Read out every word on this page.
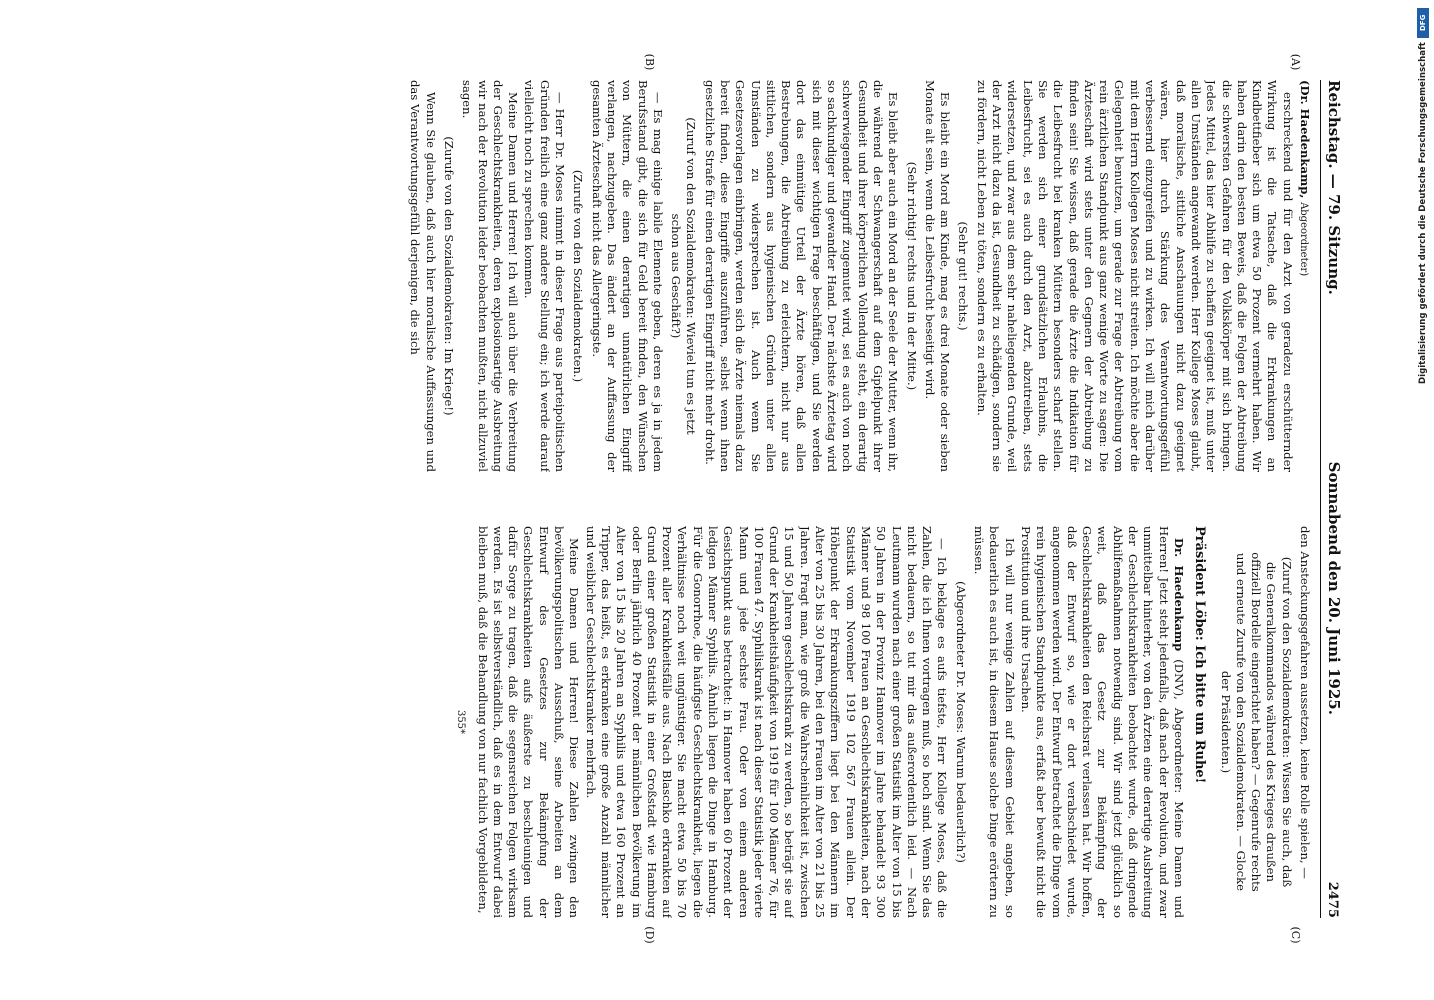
Reichstag. — 79. Sitzung.
Sonnabend den 20. Juni 1925.
2475
(A)
(B)
(C)
(D)

(Dr. Haedenkamp, Abgeordneter)

erschreckend und für den Arzt von geradezu erschütternder Wirkung ist die Tatsache, daß die Erkrankungen an Kindbettfieber sich um etwa 50 Prozent vermehrt haben. Wir haben darin den besten Beweis, daß die Folgen der Abtreibung die schwersten Gefahren für den Volkskörper mit sich bringen. Jedes Mittel, das hier Abhilfe zu schaffen geeignet ist, muß unter allen Umständen angewandt werden. Herr Kollege Moses glaubt, daß moralische, sittliche Anschauungen nicht dazu geeignet wären, hier durch Stärkung des Verantwortungsgefühl verbessernd einzugreifen und zu wirken. Ich will mich darüber mit dem Herrn Kollegen Moses nicht streiten. Ich möchte aber die Gelegenheit benutzen, um gerade zur Frage der Abtreibung vom rein ärztlichen Standpunkt aus ganz wenige Worte zu sagen: Die Ärzteschaft wird stets unter den Gegnern der Abtreibung zu finden sein! Sie wissen, daß gerade die Ärzte die Indikation für die Leibesfrucht bei kranken Müttern besonders scharf stellen. Sie werden sich einer grundsätzlichen Erlaubnis, die Leibesfrucht, sei es auch durch den Arzt, abzutreiben, stets widersetzen, und zwar aus dem sehr naheliegenden Grunde, weil der Arzt nicht dazu da ist, Gesundheit zu schädigen, sondern sie zu fördern, nicht Leben zu töten, sondern es zu erhalten.

(Sehr gut! rechts.)

Es bleibt ein Mord am Kinde, mag es drei Monate oder sieben Monate alt sein, wenn die Leibesfrucht beseitigt wird.

(Sehr richtig! rechts und in der Mitte.)

Es bleibt aber auch ein Mord an der Seele der Mutter, wenn ihr, die während der Schwangerschaft auf dem Gipfelpunkt ihrer Gesundheit und ihrer körperlichen Vollendung steht, ein derartig schwerwiegender Eingriff zugemutet wird, sei es auch von noch so sachkundiger und gewandter Hand. Der nächste Ärztetag wird sich mit dieser wichtigen Frage beschäftigen, und Sie werden dort das einmütige Urteil der Ärzte hören, daß allen Bestrebungen, die Abtreibung zu erleichtern, nicht nur aus sittlichen, sondern aus hygienischen Gründen unter allen Umständen zu widersprechen ist. Auch wenn Sie Gesetzesvorlagen einbringen, werden sich die Ärzte niemals dazu bereit finden, diese Eingriffe auszuführen, selbst wenn ihnen gesetzliche Strafe für einen derartigen Eingriff nicht mehr droht.

(Zuruf von den Sozialdemokraten: Wieviel tun es jetzt schon aus Geschäft?)

— Es mag einige labile Elemente geben, deren es ja in jedem Berufsstand gibt, die sich für Geld bereit finden, den Wünschen von Müttern, die einen derartigen unnatürlichen Eingriff verlangen, nachzugeben. Das ändert an der Auffassung der gesamten Ärzteschaft nicht das Allergeringste.

(Zurufe von den Sozialdemokraten.)

— Herr Dr. Moses nimmt in dieser Frage aus parteipolitischen Gründen freilich eine ganz andere Stellung ein; ich werde darauf vielleicht noch zu sprechen kommen.

Meine Damen und Herren! Ich will auch über die Verbreitung der Geschlechtskrankheiten, deren explosionsartige Ausbreitung wir nach der Revolution leider beobachten mußten, nicht allzuviel sagen.

(Zurufe von den Sozialdemokraten: Im Kriege!)

Wenn Sie glauben, daß auch hier moralische Auffassungen und das Verantwortungsgefühl derjenigen, die sich

den Ansteckungsgefahren aussetzen, keine Rolle spielen, —

(Zuruf von den Sozialdemokraten: Wissen Sie auch, daß die Generalkommandos während des Krieges draußen offiziell Bordelle eingerichtet haben? — Gegenrufe rechts und erneute Zurufe von den Sozialdemokraten. — Glocke der Präsidenten.)

Präsident Löbe: Ich bitte um Ruhe!

Dr. Haedenkamp (DNV), Abgeordneter: Meine Damen und Herren! Jetzt steht jedenfalls, daß nach der Revolution, und zwar unmittelbar hinterher, von den Ärzten eine derartige Ausbreitung der Geschlechtskrankheiten beobachtet wurde, daß dringende Abhilfemaßnahmen notwendig sind. Wir sind jetzt glücklich so weit, daß das Gesetz zur Bekämpfung der Geschlechtskrankheiten den Reichsrat verlassen hat. Wir hoffen, daß der Entwurf so, wie er dort verabschiedet wurde, angenommen werden wird. Der Entwurf betrachtet die Dinge vom rein hygienischen Standpunkte aus, erfaßt aber bewußt nicht die Prostitution und ihre Ursachen.

Ich will nur wenige Zahlen auf diesem Gebiet angeben, so bedauerlich es auch ist, in diesem Hause solche Dinge erörtern zu müssen.

(Abgeordneter Dr. Moses: Warum bedauerlich?)

— Ich beklage es aufs tiefste, Herr Kollege Moses, daß die Zahlen, die ich Ihnen vortragen muß, so hoch sind. Wenn Sie das nicht bedauern, so tut mir das außerordentlich leid. — Nach Leutmann wurden nach einer großen Statistik im Alter von 15 bis 50 Jahren in der Provinz Hannover im Jahre behandelt 93 300 Männer und 98 100 Frauen an Geschlechtskrankheiten, nach der Statistik vom November 1919 102 567 Frauen allein. Der Höhepunkt der Erkrankungsziffern liegt bei den Männern im Alter von 25 bis 30 Jahren, bei den Frauen im Alter von 21 bis 25 Jahren. Fragt man, wie groß die Wahrscheinlichkeit ist, zwischen 15 und 50 Jahren geschlechtskrank zu werden, so beträgt sie auf Grund der Krankheitshäufigkeit von 1919 für 100 Männer 76, für 100 Frauen 47. Syphiliskrank ist nach dieser Statistik jeder vierte Mann und jede sechste Frau. Oder von einem anderen Gesichtspunkt aus betrachtet: in Hannover haben 60 Prozent der ledigen Männer Syphilis. Ähnlich liegen die Dinge in Hamburg. Für die Gonorrhoe, die häufigste Geschlechtskrankheit, liegen die Verhältnisse noch weit ungünstiger. Sie macht etwa 50 bis 70 Prozent aller Krankheitsfälle aus. Nach Blaschko erkrankten auf Grund einer großen Statistik in einer Großstadt wie Hamburg oder Berlin jährlich 40 Prozent der männlichen Bevölkerung im Alter von 15 bis 20 Jahren an Syphilis und etwa 160 Prozent an Tripper, das heißt, es erkranken eine große Anzahl männlicher und weiblicher Geschlechtskranker mehrfach.

Meine Damen und Herren! Diese Zahlen zwingen den bevölkerungspolitischen Ausschuß, seine Arbeiten an dem Entwurf des Gesetzes zur Bekämpfung der Geschlechtskrankheiten aufs äußerste zu beschleunigen und dafür Sorge zu tragen, daß die segensreichen Folgen wirksam werden. Es ist selbstverständlich, daß es in dem Entwurf dabei bleiben muß, daß die Behandlung von nur fachlich Vorgebildeten,

355*

DFG
Digitalisierung gefördert durch die Deutsche Forschungsgemeinschaft
